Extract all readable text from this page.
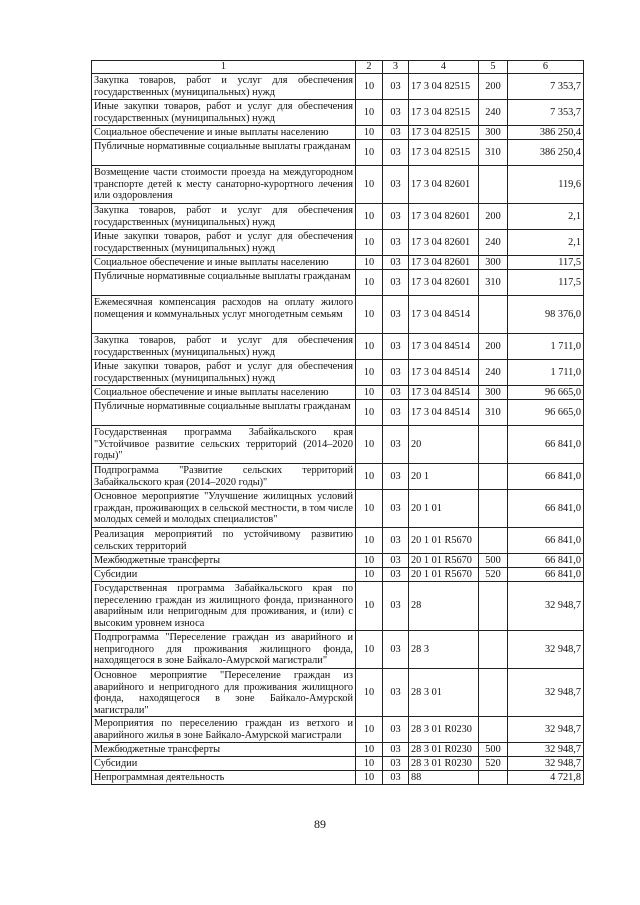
1	2	3	4	5	6
Закупка товаров, работ и услуг для обеспечения государственных (муниципальных) нужд	10	03	17 3 04 82515	200	7 353,7
Иные закупки товаров, работ и услуг для обеспечения государственных (муниципальных) нужд	10	03	17 3 04 82515	240	7 353,7
Социальное обеспечение и иные выплаты населению	10	03	17 3 04 82515	300	386 250,4
Публичные нормативные социальные выплаты гражданам	10	03	17 3 04 82515	310	386 250,4
Возмещение части стоимости проезда на междугородном транспорте детей к месту санаторно-курортного лечения или оздоровления	10	03	17 3 04 82601		119,6
Закупка товаров, работ и услуг для обеспечения государственных (муниципальных) нужд	10	03	17 3 04 82601	200	2,1
Иные закупки товаров, работ и услуг для обеспечения государственных (муниципальных) нужд	10	03	17 3 04 82601	240	2,1
Социальное обеспечение и иные выплаты населению	10	03	17 3 04 82601	300	117,5
Публичные нормативные социальные выплаты гражданам	10	03	17 3 04 82601	310	117,5
Ежемесячная компенсация расходов на оплату жилого помещения и коммунальных услуг многодетным семьям	10	03	17 3 04 84514		98 376,0
Закупка товаров, работ и услуг для обеспечения государственных (муниципальных) нужд	10	03	17 3 04 84514	200	1 711,0
Иные закупки товаров, работ и услуг для обеспечения государственных (муниципальных) нужд	10	03	17 3 04 84514	240	1 711,0
Социальное обеспечение и иные выплаты населению	10	03	17 3 04 84514	300	96 665,0
Публичные нормативные социальные выплаты гражданам	10	03	17 3 04 84514	310	96 665,0
Государственная программа Забайкальского края "Устойчивое развитие сельских территорий (2014–2020 годы)"	10	03	20		66 841,0
Подпрограмма "Развитие сельских территорий Забайкальского края (2014–2020 годы)"	10	03	20 1		66 841,0
Основное мероприятие "Улучшение жилищных условий граждан, проживающих в сельской местности, в том числе молодых семей и молодых специалистов"	10	03	20 1 01		66 841,0
Реализация мероприятий по устойчивому развитию сельских территорий	10	03	20 1 01 R5670		66 841,0
Межбюджетные трансферты	10	03	20 1 01 R5670	500	66 841,0
Субсидии	10	03	20 1 01 R5670	520	66 841,0
Государственная программа Забайкальского края по переселению граждан из жилищного фонда, признанного аварийным или непригодным для проживания, и (или) с высоким уровнем износа	10	03	28		32 948,7
Подпрограмма "Переселение граждан из аварийного и непригодного для проживания жилищного фонда, находящегося в зоне Байкало-Амурской магистрали"	10	03	28 3		32 948,7
Основное мероприятие "Переселение граждан из аварийного и непригодного для проживания жилищного фонда, находящегося в зоне Байкало-Амурской магистрали"	10	03	28 3 01		32 948,7
Мероприятия по переселению граждан из ветхого и аварийного жилья в зоне Байкало-Амурской магистрали	10	03	28 3 01 R0230		32 948,7
Межбюджетные трансферты	10	03	28 3 01 R0230	500	32 948,7
Субсидии	10	03	28 3 01 R0230	520	32 948,7
Непрограммная деятельность	10	03	88		4 721,8
89
